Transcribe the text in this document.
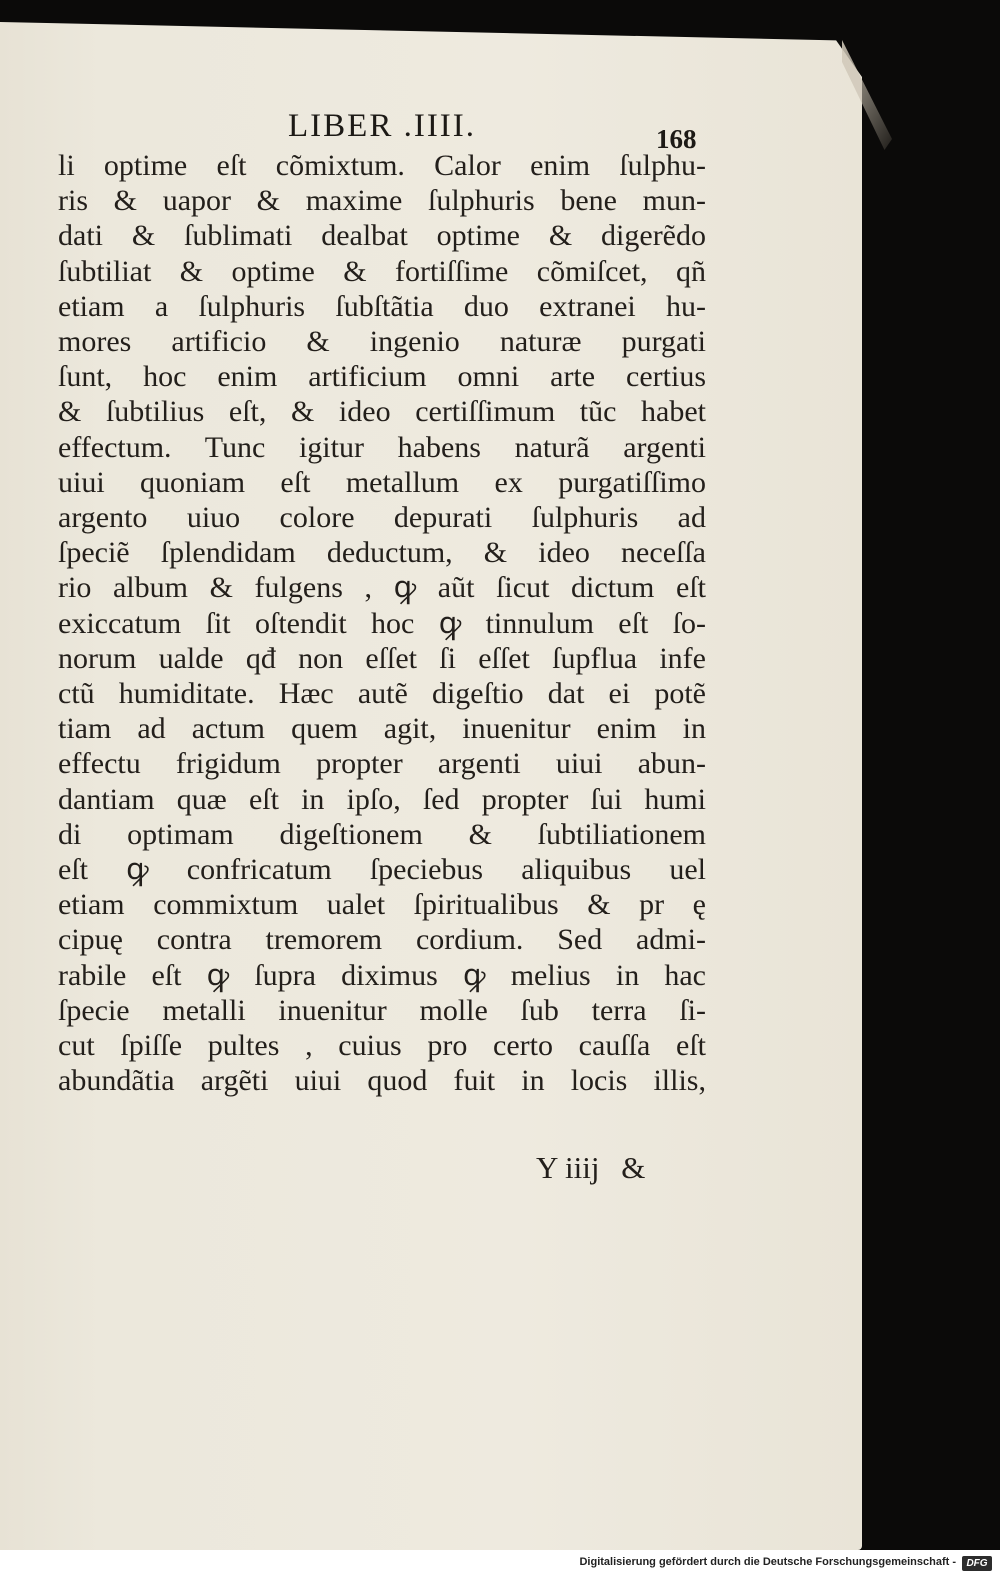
LIBER .IIII.	168
li optime eſt cõmixtum. Calor enim ſulphu-
ris & uapor & maxime ſulphuris bene mun-
dati & ſublimati dealbat optime & digerẽdo
ſubtiliat & optime & fortiſſime cõmiſcet, qñ
etiam a ſulphuris ſubſtãtia duo extranei hu-
mores artificio & ingenio naturæ purgati
ſunt, hoc enim artificium omni arte certius
& ſubtilius eſt, & ideo certiſſimum tũc habet
effectum. Tunc igitur habens naturã argenti
uiui quoniam eſt metallum ex purgatiſſimo
argento uiuo colore depurati ſulphuris ad
ſpeciẽ ſplendidam deductum, & ideo neceſſa
rio album & fulgens , ꝙ aũt ſicut dictum eſt
exiccatum ſit oſtendit hoc ꝙ tinnulum eſt ſo-
norum ualde qđ non eſſet ſi eſſet ſupflua infe
ctũ humiditate. Hæc autẽ digeſtio dat ei potẽ
tiam ad actum quem agit, inuenitur enim in
effectu frigidum propter argenti uiui abun-
dantiam quæ eſt in ipſo, ſed propter ſui humi
di optimam digeſtionem & ſubtiliationem
eſt ꝙ confricatum ſpeciebus aliquibus uel
etiam commixtum ualet ſpiritualibus & pr ę
cipuę contra tremorem cordium. Sed admi-
rabile eſt ꝙ ſupra diximus ꝙ melius in hac
ſpecie metalli inuenitur molle ſub terra ſi-
cut ſpiſſe pultes , cuius pro certo cauſſa eſt
abundãtia argẽti uiui quod fuit in locis illis,
Y iiij &
Digitalisierung gefördert durch die Deutsche Forschungsgemeinschaft -	DFG
